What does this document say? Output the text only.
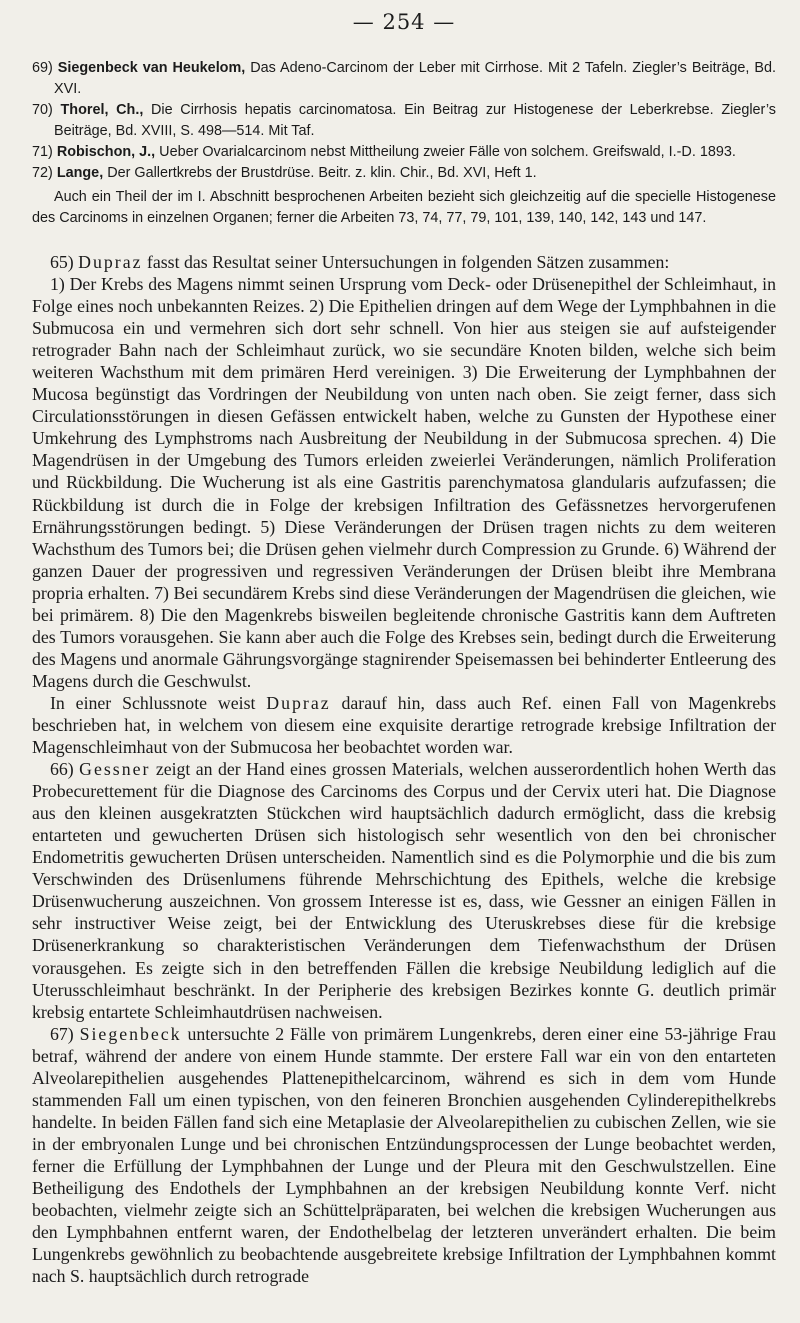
— 254 —

69) Siegenbeck van Heukelom, Das Adeno-Carcinom der Leber mit Cirrhose. Mit 2 Tafeln. Ziegler’s Beiträge, Bd. XVI.

70) Thorel, Ch., Die Cirrhosis hepatis carcinomatosa. Ein Beitrag zur Histogenese der Leberkrebse. Ziegler’s Beiträge, Bd. XVIII, S. 498—514. Mit Taf.

71) Robischon, J., Ueber Ovarialcarcinom nebst Mittheilung zweier Fälle von solchem. Greifswald, I.-D. 1893.

72) Lange, Der Gallertkrebs der Brustdrüse. Beitr. z. klin. Chir., Bd. XVI, Heft 1.

Auch ein Theil der im I. Abschnitt besprochenen Arbeiten bezieht sich gleichzeitig auf die specielle Histogenese des Carcinoms in einzelnen Organen; ferner die Arbeiten 73, 74, 77, 79, 101, 139, 140, 142, 143 und 147.

65) Dupraz fasst das Resultat seiner Untersuchungen in folgenden Sätzen zusammen:

1) Der Krebs des Magens nimmt seinen Ursprung vom Deck- oder Drüsenepithel der Schleimhaut, in Folge eines noch unbekannten Reizes. 2) Die Epithelien dringen auf dem Wege der Lymphbahnen in die Submucosa ein und vermehren sich dort sehr schnell. Von hier aus steigen sie auf aufsteigender retrograder Bahn nach der Schleimhaut zurück, wo sie secundäre Knoten bilden, welche sich beim weiteren Wachsthum mit dem primären Herd vereinigen. 3) Die Erweiterung der Lymphbahnen der Mucosa begünstigt das Vordringen der Neubildung von unten nach oben. Sie zeigt ferner, dass sich Circulationsstörungen in diesen Gefässen entwickelt haben, welche zu Gunsten der Hypothese einer Umkehrung des Lymphstroms nach Ausbreitung der Neubildung in der Submucosa sprechen. 4) Die Magendrüsen in der Umgebung des Tumors erleiden zweierlei Veränderungen, nämlich Proliferation und Rückbildung. Die Wucherung ist als eine Gastritis parenchymatosa glandularis aufzufassen; die Rückbildung ist durch die in Folge der krebsigen Infiltration des Gefässnetzes hervorgerufenen Ernährungsstörungen bedingt. 5) Diese Veränderungen der Drüsen tragen nichts zu dem weiteren Wachsthum des Tumors bei; die Drüsen gehen vielmehr durch Compression zu Grunde. 6) Während der ganzen Dauer der progressiven und regressiven Veränderungen der Drüsen bleibt ihre Membrana propria erhalten. 7) Bei secundärem Krebs sind diese Veränderungen der Magendrüsen die gleichen, wie bei primärem. 8) Die den Magenkrebs bisweilen begleitende chronische Gastritis kann dem Auftreten des Tumors vorausgehen. Sie kann aber auch die Folge des Krebses sein, bedingt durch die Erweiterung des Magens und anormale Gährungsvorgänge stagnirender Speisemassen bei behinderter Entleerung des Magens durch die Geschwulst.

In einer Schlussnote weist Dupraz darauf hin, dass auch Ref. einen Fall von Magenkrebs beschrieben hat, in welchem von diesem eine exquisite derartige retrograde krebsige Infiltration der Magenschleimhaut von der Submucosa her beobachtet worden war.

66) Gessner zeigt an der Hand eines grossen Materials, welchen ausserordentlich hohen Werth das Probecurettement für die Diagnose des Carcinoms des Corpus und der Cervix uteri hat. Die Diagnose aus den kleinen ausgekratzten Stückchen wird hauptsächlich dadurch ermöglicht, dass die krebsig entarteten und gewucherten Drüsen sich histologisch sehr wesentlich von den bei chronischer Endometritis gewucherten Drüsen unterscheiden. Namentlich sind es die Polymorphie und die bis zum Verschwinden des Drüsenlumens führende Mehrschichtung des Epithels, welche die krebsige Drüsenwucherung auszeichnen. Von grossem Interesse ist es, dass, wie Gessner an einigen Fällen in sehr instructiver Weise zeigt, bei der Entwicklung des Uteruskrebses diese für die krebsige Drüsenerkrankung so charakteristischen Veränderungen dem Tiefenwachsthum der Drüsen vorausgehen. Es zeigte sich in den betreffenden Fällen die krebsige Neubildung lediglich auf die Uterusschleimhaut beschränkt. In der Peripherie des krebsigen Bezirkes konnte G. deutlich primär krebsig entartete Schleimhautdrüsen nachweisen.

67) Siegenbeck untersuchte 2 Fälle von primärem Lungenkrebs, deren einer eine 53-jährige Frau betraf, während der andere von einem Hunde stammte. Der erstere Fall war ein von den entarteten Alveolarepithelien ausgehendes Plattenepithelcarcinom, während es sich in dem vom Hunde stammenden Fall um einen typischen, von den feineren Bronchien ausgehenden Cylinderepithelkrebs handelte. In beiden Fällen fand sich eine Metaplasie der Alveolarepithelien zu cubischen Zellen, wie sie in der embryonalen Lunge und bei chronischen Entzündungsprocessen der Lunge beobachtet werden, ferner die Erfüllung der Lymphbahnen der Lunge und der Pleura mit den Geschwulstzellen. Eine Betheiligung des Endothels der Lymphbahnen an der krebsigen Neubildung konnte Verf. nicht beobachten, vielmehr zeigte sich an Schüttelpräparaten, bei welchen die krebsigen Wucherungen aus den Lymphbahnen entfernt waren, der Endothelbelag der letzteren unverändert erhalten. Die beim Lungenkrebs gewöhnlich zu beobachtende ausgebreitete krebsige Infiltration der Lymphbahnen kommt nach S. hauptsächlich durch retrograde
